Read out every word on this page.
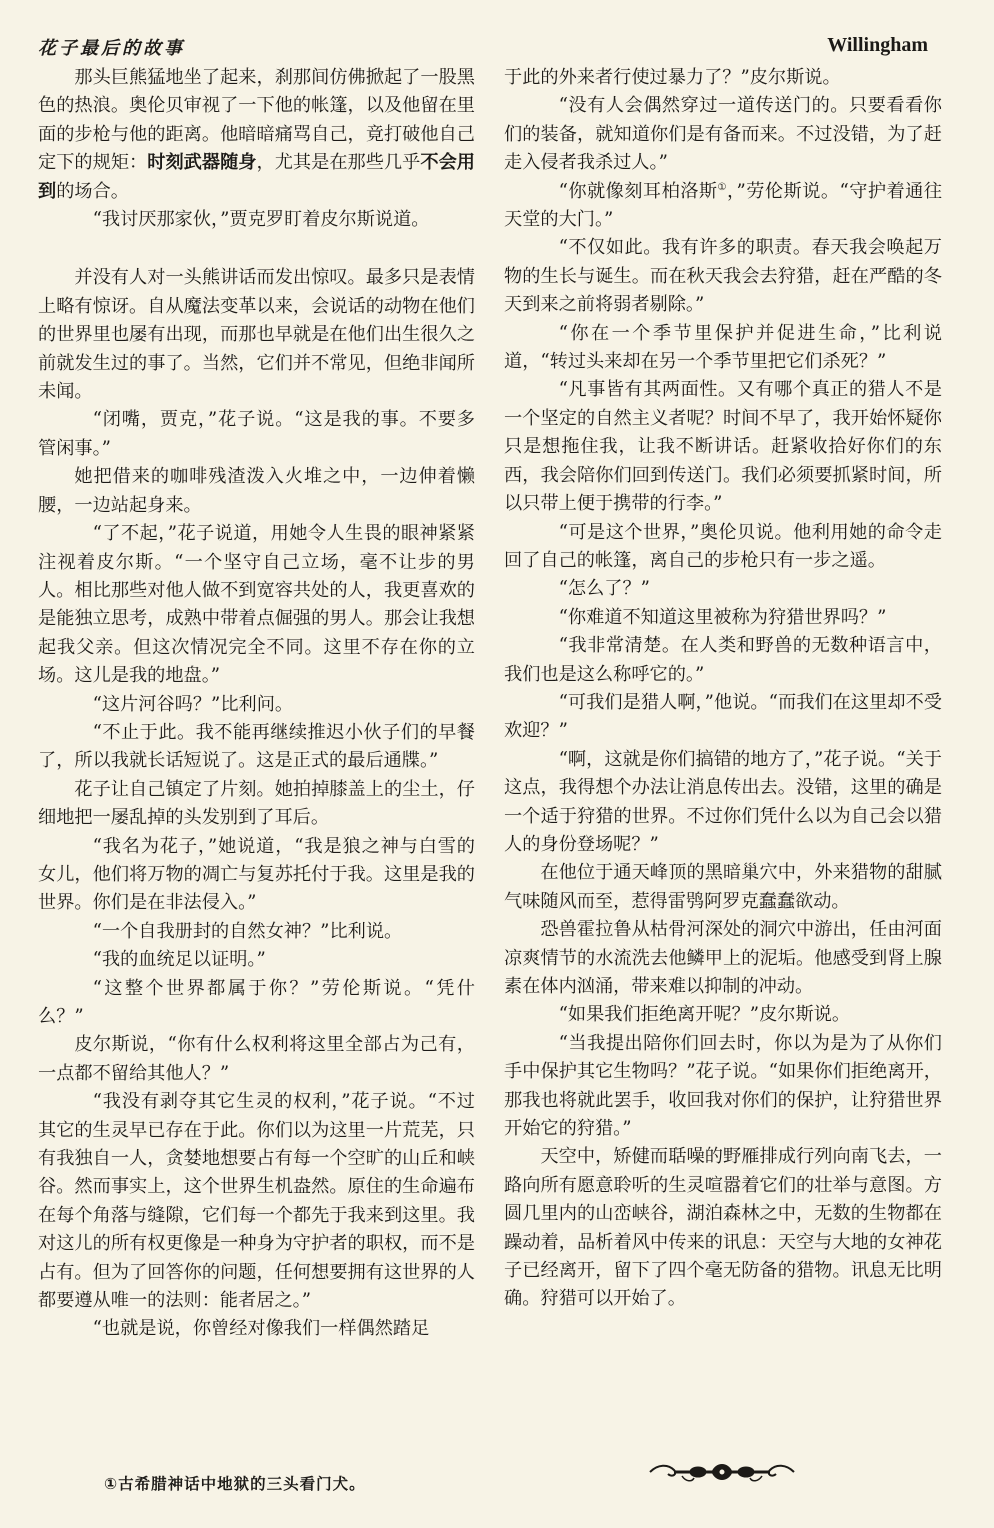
花子最后的故事	Willingham

那头巨熊猛地坐了起来，刹那间仿佛掀起了一股黑色的热浪。奥伦贝审视了一下他的帐篷，以及他留在里面的步枪与他的距离。他暗暗痛骂自己，竟打破他自己定下的规矩：时刻武器随身，尤其是在那些几乎不会用到的场合。

“我讨厌那家伙，”贾克罗盯着皮尔斯说道。

并没有人对一头熊讲话而发出惊叹。最多只是表情上略有惊讶。自从魔法变革以来，会说话的动物在他们的世界里也屡有出现，而那也早就是在他们出生很久之前就发生过的事了。当然，它们并不常见，但绝非闻所未闻。

“闭嘴，贾克，”花子说。“这是我的事。不要多管闲事。”

她把借来的咖啡残渣泼入火堆之中，一边伸着懒腰，一边站起身来。

“了不起，”花子说道，用她令人生畏的眼神紧紧注视着皮尔斯。“一个坚守自己立场，毫不让步的男人。相比那些对他人做不到宽容共处的人，我更喜欢的是能独立思考，成熟中带着点倔强的男人。那会让我想起我父亲。但这次情况完全不同。这里不存在你的立场。这儿是我的地盘。”

“这片河谷吗？”比利问。

“不止于此。我不能再继续推迟小伙子们的早餐了，所以我就长话短说了。这是正式的最后通牒。”

花子让自己镇定了片刻。她拍掉膝盖上的尘土，仔细地把一屡乱掉的头发别到了耳后。

“我名为花子，”她说道，“我是狼之神与白雪的女儿，他们将万物的凋亡与复苏托付于我。这里是我的世界。你们是在非法侵入。”

“一个自我册封的自然女神？”比利说。

“我的血统足以证明。”

“这整个世界都属于你？”劳伦斯说。“凭什么？”

皮尔斯说，“你有什么权利将这里全部占为己有，一点都不留给其他人？”

“我没有剥夺其它生灵的权利，”花子说。“不过其它的生灵早已存在于此。你们以为这里一片荒芜，只有我独自一人，贪婪地想要占有每一个空旷的山丘和峡谷。然而事实上，这个世界生机盎然。原住的生命遍布在每个角落与缝隙，它们每一个都先于我来到这里。我对这儿的所有权更像是一种身为守护者的职权，而不是占有。但为了回答你的问题，任何想要拥有这世界的人都要遵从唯一的法则：能者居之。”

“也就是说，你曾经对像我们一样偶然踏足

于此的外来者行使过暴力了？”皮尔斯说。

“没有人会偶然穿过一道传送门的。只要看看你们的装备，就知道你们是有备而来。不过没错，为了赶走入侵者我杀过人。”

“你就像刻耳柏洛斯①，”劳伦斯说。“守护着通往天堂的大门。”

“不仅如此。我有许多的职责。春天我会唤起万物的生长与诞生。而在秋天我会去狩猎，赶在严酷的冬天到来之前将弱者剔除。”

“你在一个季节里保护并促进生命，”比利说道，“转过头来却在另一个季节里把它们杀死？”

“凡事皆有其两面性。又有哪个真正的猎人不是一个坚定的自然主义者呢？时间不早了，我开始怀疑你只是想拖住我，让我不断讲话。赶紧收拾好你们的东西，我会陪你们回到传送门。我们必须要抓紧时间，所以只带上便于携带的行李。”

“可是这个世界，”奥伦贝说。他利用她的命令走回了自己的帐篷，离自己的步枪只有一步之遥。

“怎么了？”

“你难道不知道这里被称为狩猎世界吗？”

“我非常清楚。在人类和野兽的无数种语言中，我们也是这么称呼它的。”

“可我们是猎人啊，”他说。“而我们在这里却不受欢迎？”

“啊，这就是你们搞错的地方了，”花子说。“关于这点，我得想个办法让消息传出去。没错，这里的确是一个适于狩猎的世界。不过你们凭什么以为自己会以猎人的身份登场呢？”

在他位于通天峰顶的黑暗巢穴中，外来猎物的甜腻气味随风而至，惹得雷鸮阿罗克蠢蠢欲动。

恐兽霍拉鲁从枯骨河深处的洞穴中游出，任由河面凉爽情节的水流洗去他鳞甲上的泥垢。他感受到肾上腺素在体内汹涌，带来难以抑制的冲动。

“如果我们拒绝离开呢？”皮尔斯说。

“当我提出陪你们回去时，你以为是为了从你们手中保护其它生物吗？”花子说。“如果你们拒绝离开，那我也将就此罢手，收回我对你们的保护，让狩猎世界开始它的狩猎。”

天空中，矫健而聒噪的野雁排成行列向南飞去，一路向所有愿意聆听的生灵喧嚣着它们的壮举与意图。方圆几里内的山峦峡谷，湖泊森林之中，无数的生物都在躁动着，品析着风中传来的讯息：天空与大地的女神花子已经离开，留下了四个毫无防备的猎物。讯息无比明确。狩猎可以开始了。

①古希腊神话中地狱的三头看门犬。
